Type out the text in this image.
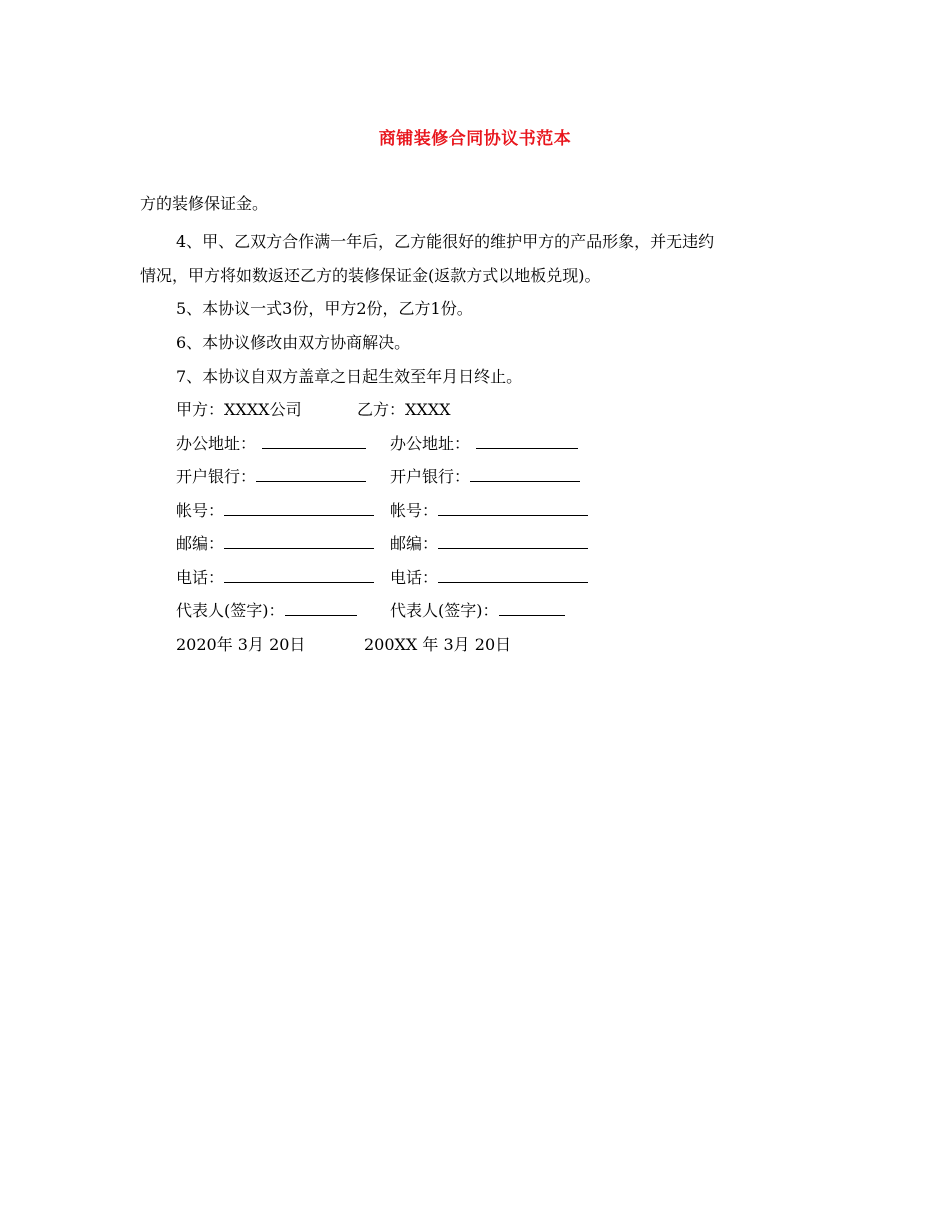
商铺装修合同协议书范本
方的装修保证金。
4、甲、乙双方合作满一年后，乙方能很好的维护甲方的产品形象，并无违约
情况，甲方将如数返还乙方的装修保证金(返款方式以地板兑现)。
5、本协议一式3份，甲方2份，乙方1份。
6、本协议修改由双方协商解决。
7、本协议自双方盖章之日起生效至年月日终止。
甲方：XXXX公司	乙方：XXXX
办公地址：	办公地址：
开户银行：	开户银行：
帐号：	帐号：
邮编：	邮编：
电话：	电话：
代表人(签字)：	代表人(签字)：
2020年 3月 20日	200XX 年 3月 20日
